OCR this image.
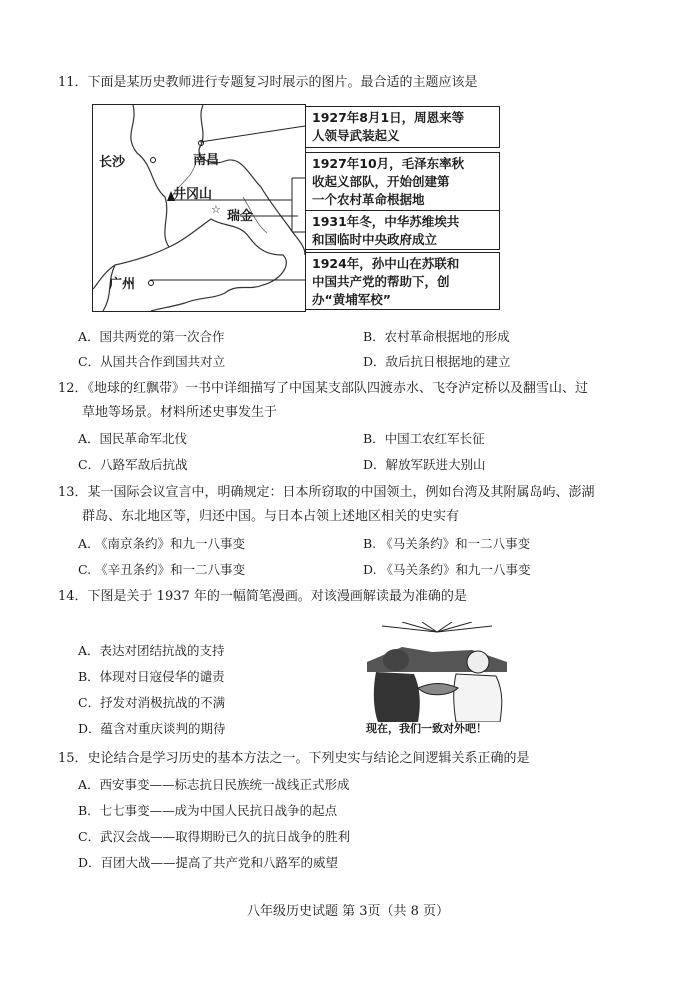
11．下面是某历史教师进行专题复习时展示的图片。最合适的主题应该是
☆
长沙	南昌
井冈山
瑞金
广州
1927年8月1日，周恩来等
人领导武装起义
1927年10月，毛泽东率秋
收起义部队，开始创建第
一个农村革命根据地
1931年冬，中华苏维埃共
和国临时中央政府成立
1924年，孙中山在苏联和
中国共产党的帮助下，创
办“黄埔军校”
A．国共两党的第一次合作	B．农村革命根据地的形成
C．从国共合作到国共对立	D．敌后抗日根据地的建立
12．《地球的红飘带》一书中详细描写了中国某支部队四渡赤水、飞夺泸定桥以及翻雪山、过
草地等场景。材料所述史事发生于
A．国民革命军北伐	B．中国工农红军长征
C．八路军敌后抗战	D．解放军跃进大别山
13．某一国际会议宣言中，明确规定：日本所窃取的中国领土，例如台湾及其附属岛屿、澎湖
群岛、东北地区等，归还中国。与日本占领上述地区相关的史实有
A. 《南京条约》和九一八事变	B. 《马关条约》和一二八事变
C. 《辛丑条约》和一二八事变	D. 《马关条约》和九一八事变
14．下图是关于 1937 年的一幅简笔漫画。对该漫画解读最为准确的是
A．表达对团结抗战的支持
B．体现对日寇侵华的谴责
C．抒发对消极抗战的不满
D．蕴含对重庆谈判的期待	现在，我们一致对外吧！
15．史论结合是学习历史的基本方法之一。下列史实与结论之间逻辑关系正确的是
A．西安事变——标志抗日民族统一战线正式形成
B．七七事变——成为中国人民抗日战争的起点
C．武汉会战——取得期盼已久的抗日战争的胜利
D．百团大战——提高了共产党和八路军的威望
八年级历史试题 第 3页（共 8 页）
